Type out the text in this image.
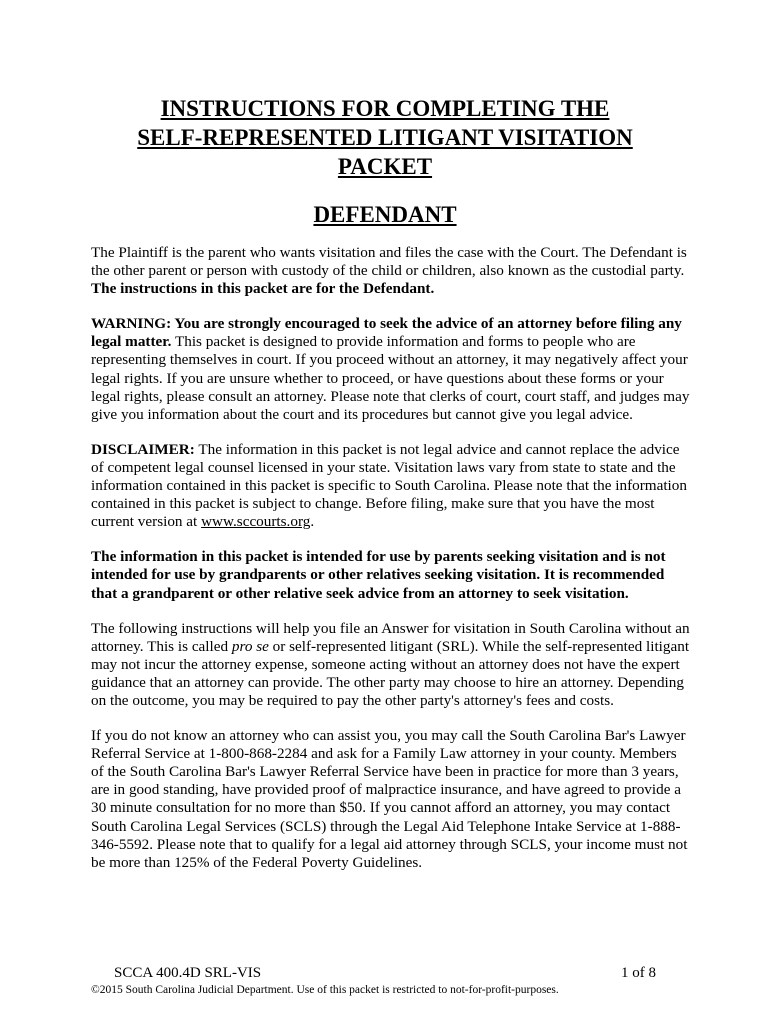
INSTRUCTIONS FOR COMPLETING THE
SELF-REPRESENTED LITIGANT VISITATION
PACKET
DEFENDANT

The Plaintiff is the parent who wants visitation and files the case with the Court. The Defendant is the other parent or person with custody of the child or children, also known as the custodial party. The instructions in this packet are for the Defendant.

WARNING: You are strongly encouraged to seek the advice of an attorney before filing any legal matter. This packet is designed to provide information and forms to people who are representing themselves in court. If you proceed without an attorney, it may negatively affect your legal rights. If you are unsure whether to proceed, or have questions about these forms or your legal rights, please consult an attorney. Please note that clerks of court, court staff, and judges may give you information about the court and its procedures but cannot give you legal advice.

DISCLAIMER: The information in this packet is not legal advice and cannot replace the advice of competent legal counsel licensed in your state. Visitation laws vary from state to state and the information contained in this packet is specific to South Carolina. Please note that the information contained in this packet is subject to change. Before filing, make sure that you have the most current version at www.sccourts.org.

The information in this packet is intended for use by parents seeking visitation and is not intended for use by grandparents or other relatives seeking visitation. It is recommended that a grandparent or other relative seek advice from an attorney to seek visitation.

The following instructions will help you file an Answer for visitation in South Carolina without an attorney. This is called pro se or self-represented litigant (SRL). While the self-represented litigant may not incur the attorney expense, someone acting without an attorney does not have the expert guidance that an attorney can provide. The other party may choose to hire an attorney. Depending on the outcome, you may be required to pay the other party's attorney's fees and costs.

If you do not know an attorney who can assist you, you may call the South Carolina Bar's Lawyer Referral Service at 1-800-868-2284 and ask for a Family Law attorney in your county. Members of the South Carolina Bar's Lawyer Referral Service have been in practice for more than 3 years, are in good standing, have provided proof of malpractice insurance, and have agreed to provide a 30 minute consultation for no more than $50. If you cannot afford an attorney, you may contact South Carolina Legal Services (SCLS) through the Legal Aid Telephone Intake Service at 1-888-346-5592. Please note that to qualify for a legal aid attorney through SCLS, your income must not be more than 125% of the Federal Poverty Guidelines.

SCCA 400.4D SRL-VIS	1 of 8
©2015 South Carolina Judicial Department. Use of this packet is restricted to not-for-profit-purposes.
